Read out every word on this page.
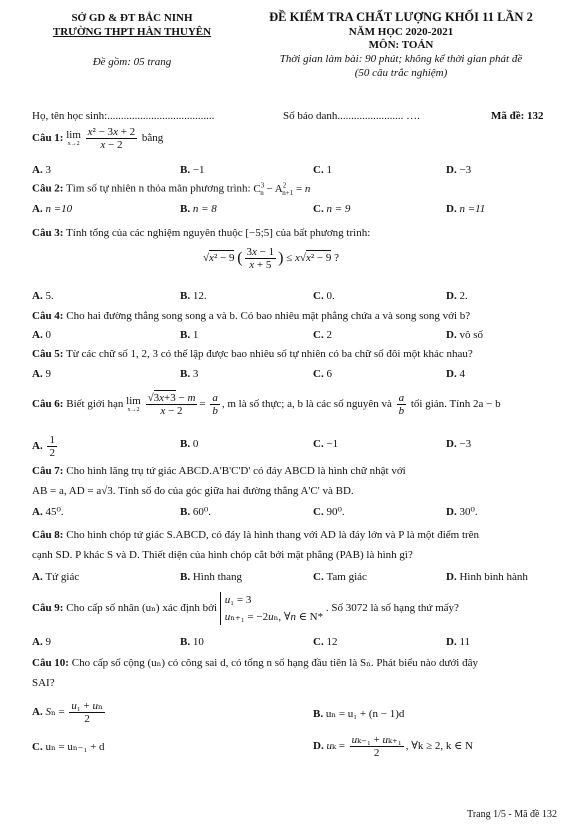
SỞ GD & ĐT BẮC NINH
TRƯỜNG THPT HÀN THUYÊN
Đề gồm: 05 trang
ĐỀ KIỂM TRA CHẤT LƯỢNG KHỐI 11 LẦN 2
NĂM HỌC 2020-2021
MÔN: TOÁN
Thời gian làm bài: 90 phút; không kể thời gian phát đề
(50 câu trắc nghiệm)
Họ, tên học sinh:.......................................	Số báo danh........................ ….	Mã đề: 132
Câu 1: lim
x→2
$\frac{\text{x² − 3x + 2}}{x - 2}$ bằng
A. 3	B. −1	C. 1	D. −3
Câu 2: Tìm số tự nhiên n thỏa mãn phương trình: $C^3_n - A^2_{n+1} = n$
A. n =10	B. n = 8	C. n = 9	D. n =11
Câu 3: Tính tổng của các nghiệm nguyên thuộc [−5;5] của bất phương trình:
√x² − 9 ( $\frac{3x - 1}{x + 5}$ ) ≤ x√x² − 9 ?
A. 5.	B. 12.	C. 0.	D. 2.
Câu 4: Cho hai đường thẳng song song a và b. Có bao nhiêu mặt phẳng chứa a và song song với b?
A. 0	B. 1	C. 2	D. vô số
Câu 5: Từ các chữ số 1, 2, 3 có thể lập được bao nhiêu số tự nhiên có ba chữ số đôi một khác nhau?
A. 9	B. 3	C. 6	D. 4
Câu 6: Biết giới hạn lim
x→2
$\frac{√3x+3 - m}{x - 2} = \frac{a}{b}$ , m là số thực; a, b là các số nguyên và $\frac{a}{b}$ tối giản. Tính 2a − b
A. $\frac{1}{2}$	B. 0	C. −1	D. −3
Câu 7: Cho hình lăng trụ tứ giác ABCD.A'B'C'D' có đáy ABCD là hình chữ nhật với
AB = a, AD = a√3. Tính số đo của góc giữa hai đường thẳng A'C' và BD.
A. 45⁰.	B. 60⁰.	C. 90⁰.	D. 30⁰.
Câu 8: Cho hình chóp tứ giác S.ABCD, có đáy là hình thang với AD là đáy lớn và P là một điểm trên
cạnh SD. P khác S và D. Thiết diện của hình chóp cắt bởi mặt phẳng (PAB) là hình gì?
A. Tứ giác	B. Hình thang	C. Tam giác	D. Hình bình hành
Câu 9: Cho cấp số nhân (uₙ) xác định bởi
u₁ = 3
uₙ₊₁ = −2uₙ, ∀n ∈ N*
. Số 3072 là số hạng thứ mấy?
A. 9	B. 10	C. 12	D. 11
Câu 10: Cho cấp số cộng (uₙ) có công sai d, có tổng n số hạng đầu tiên là Sₙ. Phát biểu nào dưới đây
SAI?
A. $S_n = \frac{\text{u₁ + uₙ}}{2}$	B. uₙ = u₁ + (n − 1)d
C. uₙ = uₙ₋₁ + d	D. $u_k = \frac{\text{uₖ₋₁ + uₖ₊₁}}{2}$ , ∀k ≥ 2, k ∈ N
Trang 1/5 - Mã đề 132
